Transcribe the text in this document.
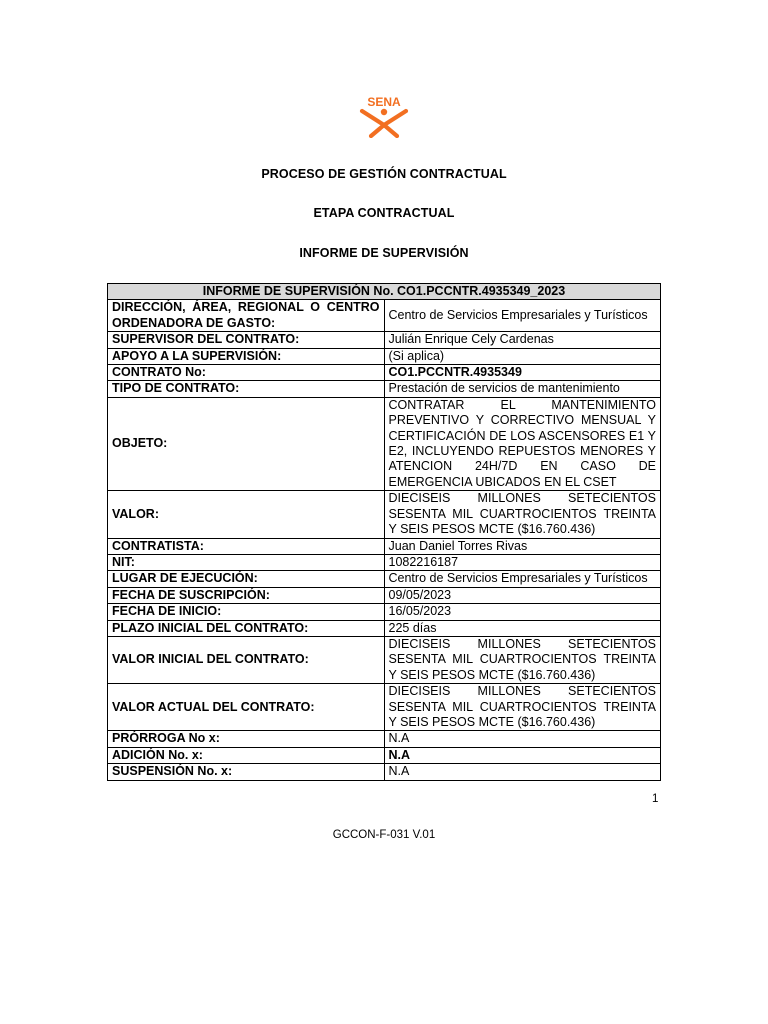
SENA
PROCESO DE GESTIÓN CONTRACTUAL
ETAPA CONTRACTUAL
INFORME DE SUPERVISIÓN
INFORME DE SUPERVISIÓN No. CO1.PCCNTR.4935349_2023	
DIRECCIÓN, ÁREA, REGIONAL O CENTRO ORDENADORA DE GASTO:	Centro de Servicios Empresariales y Turísticos
SUPERVISOR DEL CONTRATO:	Julián Enrique Cely Cardenas
APOYO A LA SUPERVISIÓN:	(Si aplica)
CONTRATO No:	CO1.PCCNTR.4935349
TIPO DE CONTRATO:	Prestación de servicios de mantenimiento
OBJETO:	CONTRATAR EL MANTENIMIENTO PREVENTIVO Y CORRECTIVO MENSUAL Y CERTIFICACIÓN DE LOS ASCENSORES E1 Y E2, INCLUYENDO REPUESTOS MENORES Y ATENCION 24H/7D EN CASO DE EMERGENCIA UBICADOS EN EL CSET
VALOR:	DIECISEIS MILLONES SETECIENTOS SESENTA MIL CUARTROCIENTOS TREINTA Y SEIS PESOS MCTE ($16.760.436)
CONTRATISTA:	Juan Daniel Torres Rivas
NIT:	1082216187
LUGAR DE EJECUCIÓN:	Centro de Servicios Empresariales y Turísticos
FECHA DE SUSCRIPCIÓN:	09/05/2023
FECHA DE INICIO:	16/05/2023
PLAZO INICIAL DEL CONTRATO:	225 días
VALOR INICIAL DEL CONTRATO:	DIECISEIS MILLONES SETECIENTOS SESENTA MIL CUARTROCIENTOS TREINTA Y SEIS PESOS MCTE ($16.760.436)
VALOR ACTUAL DEL CONTRATO:	DIECISEIS MILLONES SETECIENTOS SESENTA MIL CUARTROCIENTOS TREINTA Y SEIS PESOS MCTE ($16.760.436)
PRÓRROGA No x:	N.A
ADICIÓN No. x:	N.A
SUSPENSIÓN No. x:	N.A
1
GCCON-F-031 V.01
